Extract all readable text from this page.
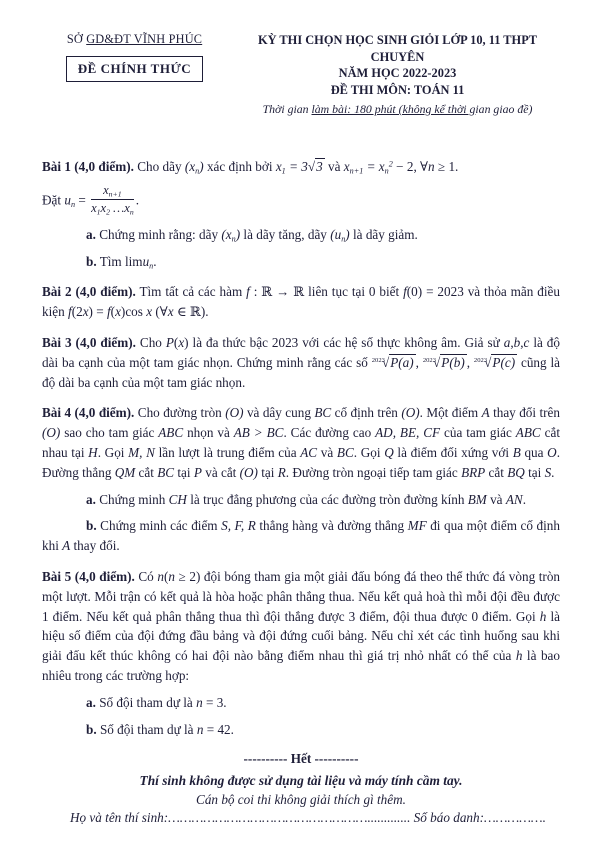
SỞ GD&ĐT VĨNH PHÚC
ĐỀ CHÍNH THỨC
KỲ THI CHỌN HỌC SINH GIỎI LỚP 10, 11 THPT CHUYÊN
NĂM HỌC 2022-2023
ĐỀ THI MÔN: TOÁN 11
Thời gian làm bài: 180 phút (không kể thời gian giao đề)

Bài 1 (4,0 điểm). Cho dãy $(x_n)$ xác định bởi $x_1 = 3√3$ và $x_{n+1} = x_n^2 - 2$, ∀n ≥ 1.

Đặt $u_n = \frac{x_{n+1}}{x_1x_2 \dots x_n}$ .

a. Chứng minh rằng: dãy $(x_n)$ là dãy tăng, dãy $(u_n)$ là dãy giảm.

b. Tìm limu$_n$.

Bài 2 (4,0 điểm). Tìm tất cả các hàm f : ℝ → ℝ liên tục tại 0 biết f(0) = 2023 và thỏa mãn điều kiện f(2x) = f(x)cos x (∀x ∈ ℝ).

Bài 3 (4,0 điểm). Cho P(x) là đa thức bậc 2023 với các hệ số thực không âm. Giả sử a,b,c là độ dài ba cạnh của một tam giác nhọn. Chứng minh rằng các số $^{2023}$√P(a) , $^{2023}$√P(b) , $^{2023}$√P(c) cũng là độ dài ba cạnh của một tam giác nhọn.

Bài 4 (4,0 điểm). Cho đường tròn (O) và dây cung BC cố định trên (O). Một điểm A thay đổi trên (O) sao cho tam giác ABC nhọn và AB > BC. Các đường cao AD, BE, CF của tam giác ABC cắt nhau tại H. Gọi M, N lần lượt là trung điểm của AC và BC. Gọi Q là điểm đối xứng với B qua O. Đường thẳng QM cắt BC tại P và cắt (O) tại R. Đường tròn ngoại tiếp tam giác BRP cắt BQ tại S.

a. Chứng minh CH là trục đẳng phương của các đường tròn đường kính BM và AN.

b. Chứng minh các điểm S, F, R thẳng hàng và đường thẳng MF đi qua một điểm cố định khi A thay đổi.

Bài 5 (4,0 điểm). Có n(n ≥ 2) đội bóng tham gia một giải đấu bóng đá theo thể thức đá vòng tròn một lượt. Mỗi trận có kết quả là hòa hoặc phân thắng thua. Nếu kết quả hoà thì mỗi đội đều được 1 điểm. Nếu kết quả phân thắng thua thì đội thắng được 3 điểm, đội thua được 0 điểm. Gọi h là hiệu số điểm của đội đứng đầu bảng và đội đứng cuối bảng. Nếu chỉ xét các tình huống sau khi giải đấu kết thúc không có hai đội nào bằng điểm nhau thì giá trị nhỏ nhất có thể của h là bao nhiêu trong các trường hợp:

a. Số đội tham dự là n = 3.

b. Số đội tham dự là n = 42.

---------- Hết ----------

Thí sinh không được sử dụng tài liệu và máy tính cầm tay.

Cán bộ coi thi không giải thích gì thêm.

Họ và tên thí sinh:……………………………………………............. Số báo danh:…………….
